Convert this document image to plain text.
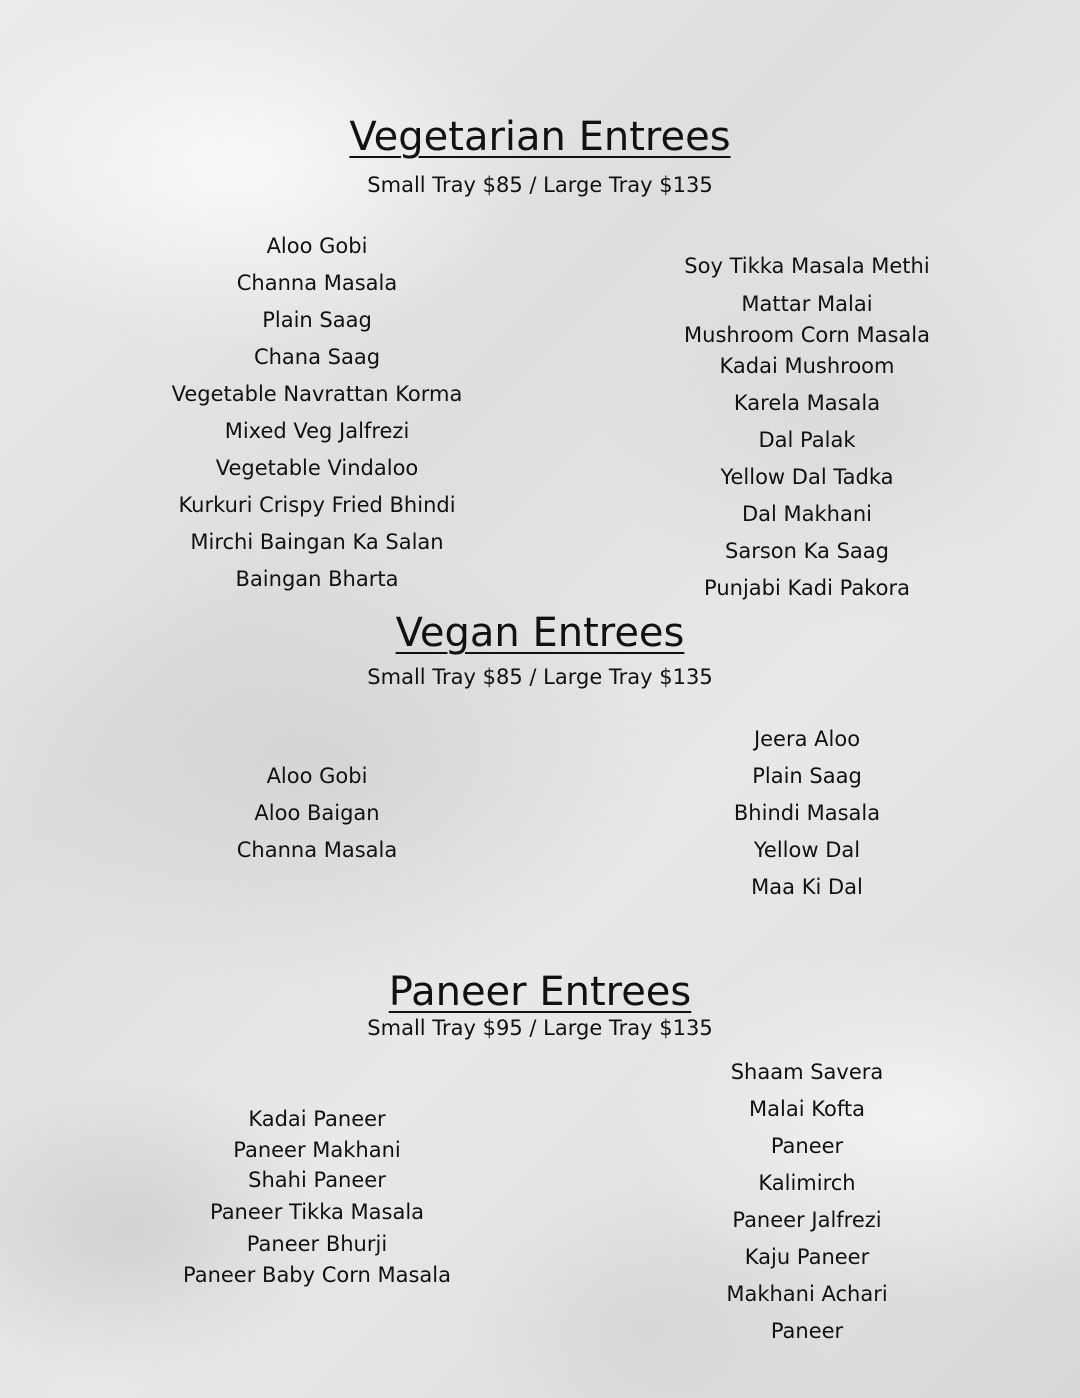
Vegetarian Entrees
Small Tray $85 / Large Tray $135
Aloo Gobi
Channa Masala
Plain Saag
Chana Saag
Vegetable Navrattan Korma
Mixed Veg Jalfrezi
Vegetable Vindaloo
Kurkuri Crispy Fried Bhindi
Mirchi Baingan Ka Salan
Baingan Bharta
Soy Tikka Masala Methi
Mattar Malai
Mushroom Corn Masala
Kadai Mushroom
Karela Masala
Dal Palak
Yellow Dal Tadka
Dal Makhani
Sarson Ka Saag
Punjabi Kadi Pakora
Vegan Entrees
Small Tray $85 / Large Tray $135
Aloo Gobi
Aloo Baigan
Channa Masala
Jeera Aloo
Plain Saag
Bhindi Masala
Yellow Dal
Maa Ki Dal
Paneer Entrees
Small Tray $95 / Large Tray $135
Kadai Paneer
Paneer Makhani
Shahi Paneer
Paneer Tikka Masala
Paneer Bhurji
Paneer Baby Corn Masala
Shaam Savera
Malai Kofta
Paneer
Kalimirch
Paneer Jalfrezi
Kaju Paneer
Makhani Achari
Paneer
